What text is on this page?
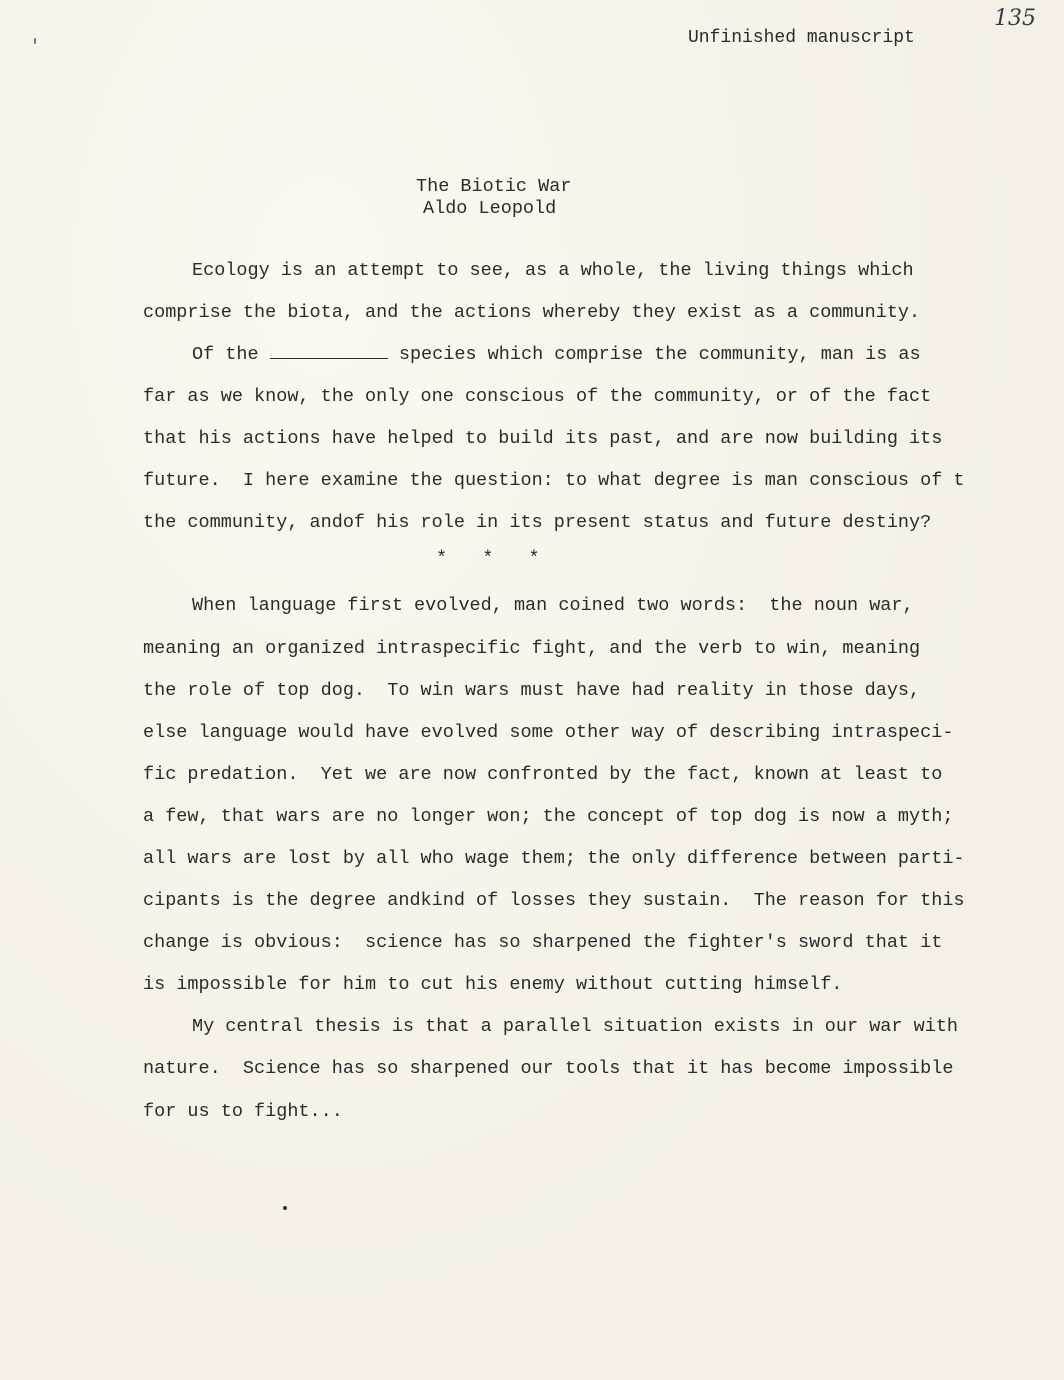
135
Unfinished manuscript
The Biotic War
Aldo Leopold
Ecology is an attempt to see, as a whole, the living things which
comprise the biota, and the actions whereby they exist as a community.
Of the	species which comprise the community, man is as
far as we know, the only one conscious of the community, or of the fact
that his actions have helped to build its past, and are now building its
future.  I here examine the question: to what degree is man conscious of t
the community, andof his role in its present status and future destiny?
* * *
When language first evolved, man coined two words:  the noun war,
meaning an organized intraspecific fight, and the verb to win, meaning
the role of top dog.  To win wars must have had reality in those days,
else language would have evolved some other way of describing intraspeci-
fic predation.  Yet we are now confronted by the fact, known at least to
a few, that wars are no longer won; the concept of top dog is now a myth;
all wars are lost by all who wage them; the only difference between parti-
cipants is the degree andkind of losses they sustain.  The reason for this
change is obvious:  science has so sharpened the fighter's sword that it
is impossible for him to cut his enemy without cutting himself.
My central thesis is that a parallel situation exists in our war with
nature.  Science has so sharpened our tools that it has become impossible
for us to fight...
